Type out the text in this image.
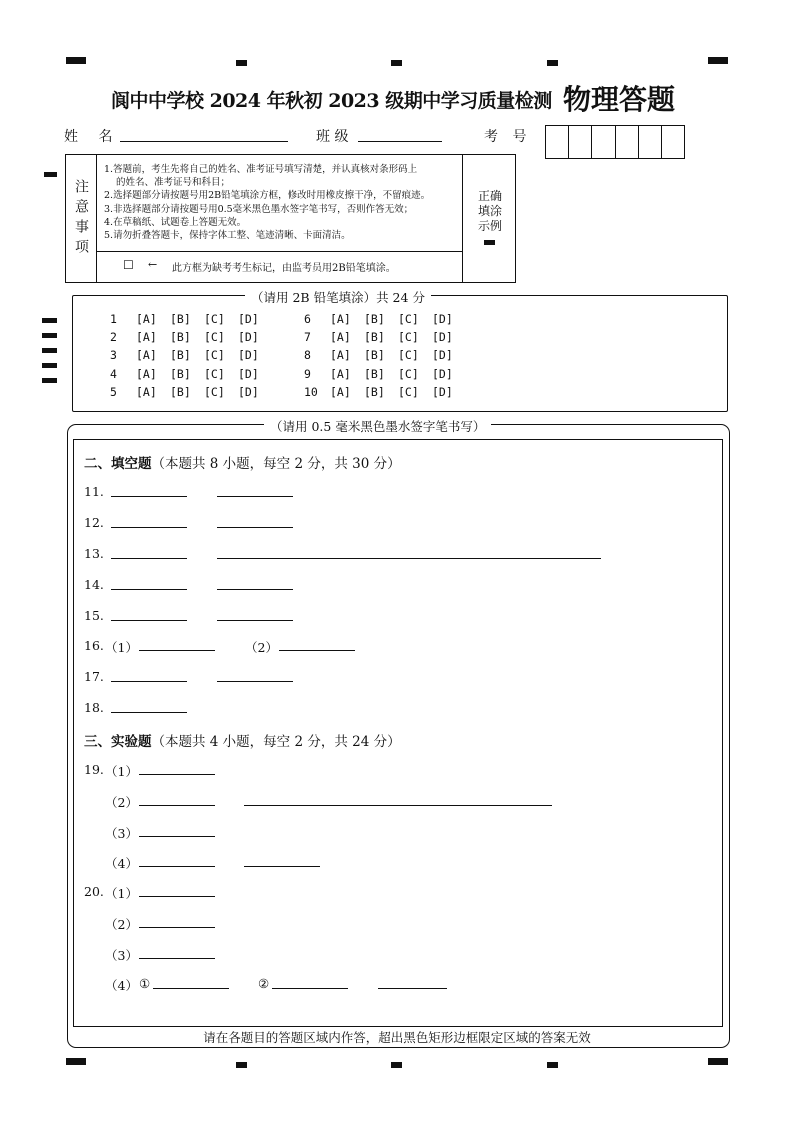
阆中中学校 2024 年秋初 2023 级期中学习质量检测 物理答题
姓 名	班 级	考 号
注意事项
1.答题前，考生先将自己的姓名、准考证号填写清楚，并认真核对条形码上
的姓名、准考证号和科目；
2.选择题部分请按题号用2B铅笔填涂方框，修改时用橡皮擦干净，不留痕迹。
3.非选择题部分请按题号用0.5毫米黑色墨水签字笔书写，否则作答无效；
4.在草稿纸、试题卷上答题无效。
5.请勿折叠答题卡，保持字体工整、笔迹清晰、卡面清洁。
☐ ← 此方框为缺考考生标记，由监考员用2B铅笔填涂。
正确填涂示例
（请用 2B 铅笔填涂）共 24 分
1 [A] [B] [C] [D]
2 [A] [B] [C] [D]
3 [A] [B] [C] [D]
4 [A] [B] [C] [D]
5 [A] [B] [C] [D]
6 [A] [B] [C] [D]
7 [A] [B] [C] [D]
8 [A] [B] [C] [D]
9 [A] [B] [C] [D]
10 [A] [B] [C] [D]
（请用 0.5 毫米黑色墨水签字笔书写）
二、填空题（本题共 8 小题，每空 2 分，共 30 分）
11.
12.
13.
14.
15.
16. （1）	（2）
17.
18.
三、实验题（本题共 4 小题，每空 2 分，共 24 分）
19. （1）
（2）
（3）
（4）
20. （1）
（2）
（3）
（4） ①	②
请在各题目的答题区域内作答，超出黑色矩形边框限定区域的答案无效
